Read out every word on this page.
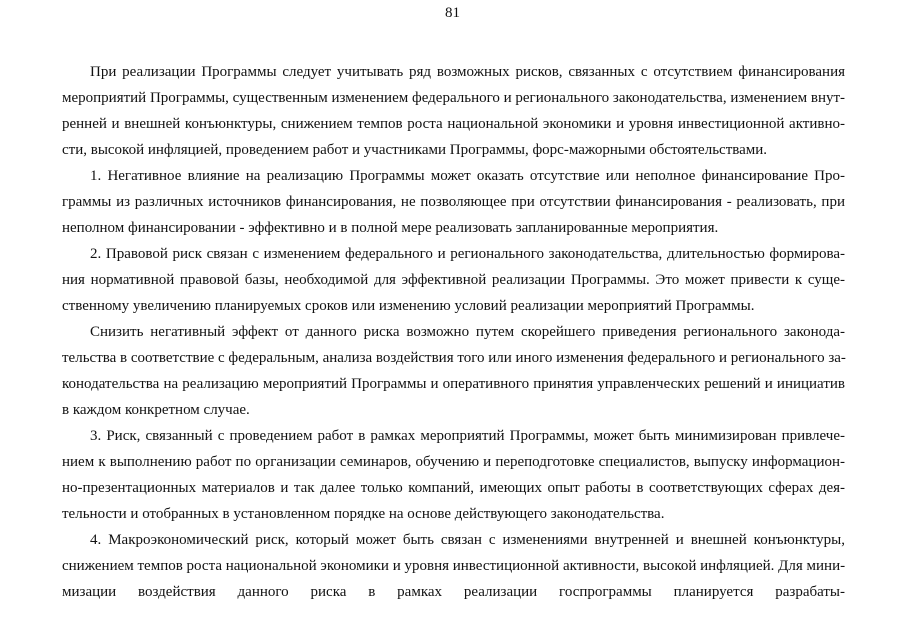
81
При реализации Программы следует учитывать ряд возможных рисков, связанных с отсутствием финансирования
мероприятий Программы, существенным изменением федерального и регионального законодательства, изменением внут-
ренней и внешней конъюнктуры, снижением темпов роста национальной экономики и уровня инвестиционной активно-
сти, высокой инфляцией, проведением работ и участниками Программы, форс-мажорными обстоятельствами.
1. Негативное влияние на реализацию Программы может оказать отсутствие или неполное финансирование Про-
граммы из различных источников финансирования, не позволяющее при отсутствии финансирования - реализовать, при
неполном финансировании - эффективно и в полной мере реализовать запланированные мероприятия.
2. Правовой риск связан с изменением федерального и регионального законодательства, длительностью формирова-
ния нормативной правовой базы, необходимой для эффективной реализации Программы. Это может привести к суще-
ственному увеличению планируемых сроков или изменению условий реализации мероприятий Программы.
Снизить негативный эффект от данного риска возможно путем скорейшего приведения регионального законода-
тельства в соответствие с федеральным, анализа воздействия того или иного изменения федерального и регионального за-
конодательства на реализацию мероприятий Программы и оперативного принятия управленческих решений и инициатив
в каждом конкретном случае.
3. Риск, связанный с проведением работ в рамках мероприятий Программы, может быть минимизирован привлече-
нием к выполнению работ по организации семинаров, обучению и переподготовке специалистов, выпуску информацион-
но-презентационных материалов и так далее только компаний, имеющих опыт работы в соответствующих сферах дея-
тельности и отобранных в установленном порядке на основе действующего законодательства.
4. Макроэкономический риск, который может быть связан с изменениями внутренней и внешней конъюнктуры,
снижением темпов роста национальной экономики и уровня инвестиционной активности, высокой инфляцией. Для мини-
мизации воздействия данного риска в рамках реализации госпрограммы планируется разрабаты-
